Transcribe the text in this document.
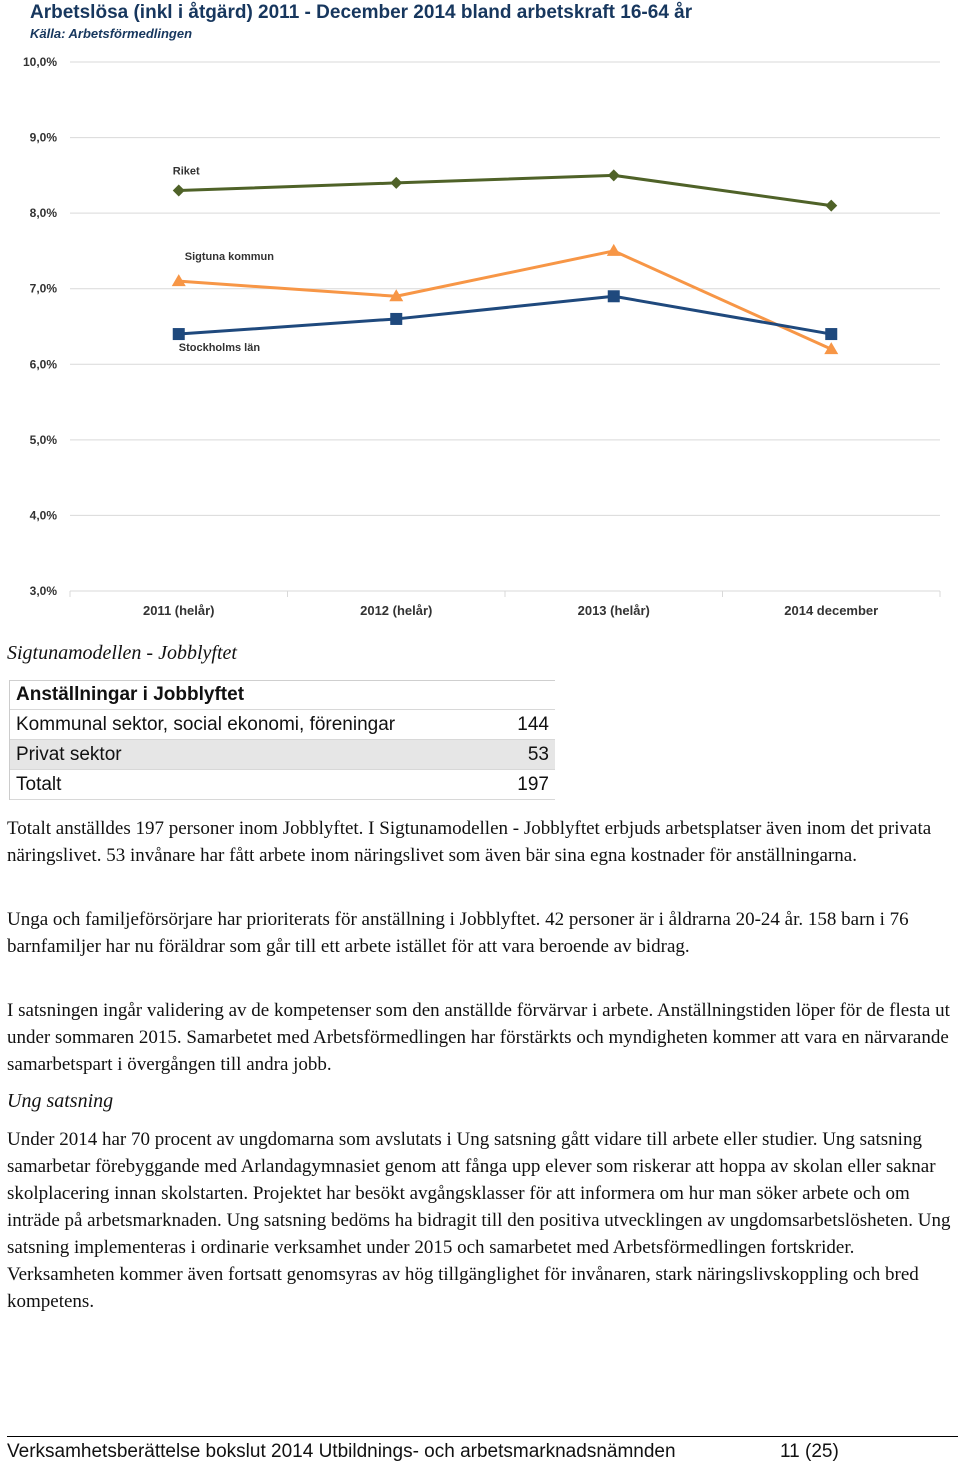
Arbetslösa (inkl i åtgärd) 2011 - December 2014 bland arbetskraft 16-64 år
Källa: Arbetsförmedlingen
3,0%
4,0%
5,0%
6,0%
7,0%
8,0%
9,0%
10,0%
2011 (helår)	2012 (helår)	2013 (helår)	2014 december
Riket
Sigtuna kommun
Stockholms län
Sigtunamodellen - Jobblyftet
Anställningar i Jobblyftet
Kommunal sektor, social ekonomi, föreningar	144
Privat sektor	53
Totalt	197

Totalt anställdes 197 personer inom Jobblyftet. I Sigtunamodellen - Jobblyftet erbjuds arbetsplatser även inom det privata näringslivet. 53 invånare har fått arbete inom näringslivet som även bär sina egna kostnader för anställningarna.

Unga och familjeförsörjare har prioriterats för anställning i Jobblyftet. 42 personer är i åldrarna 20-24 år. 158 barn i 76 barnfamiljer har nu föräldrar som går till ett arbete istället för att vara beroende av bidrag.

I satsningen ingår validering av de kompetenser som den anställde förvärvar i arbete. Anställningstiden löper för de flesta ut under sommaren 2015. Samarbetet med Arbetsförmedlingen har förstärkts och myndigheten kommer att vara en närvarande samarbetspart i övergången till andra jobb.

Ung satsning

Under 2014 har 70 procent av ungdomarna som avslutats i Ung satsning gått vidare till arbete eller studier. Ung satsning samarbetar förebyggande med Arlandagymnasiet genom att fånga upp elever som riskerar att hoppa av skolan eller saknar skolplacering innan skolstarten. Projektet har besökt avgångsklasser för att informera om hur man söker arbete och om inträde på arbetsmarknaden. Ung satsning bedöms ha bidragit till den positiva utvecklingen av ungdomsarbetslösheten. Ung satsning implementeras i ordinarie verksamhet under 2015 och samarbetet med Arbetsförmedlingen fortskrider. Verksamheten kommer även fortsatt genomsyras av hög tillgänglighet för invånaren, stark näringslivskoppling och bred kompetens.

Verksamhetsberättelse bokslut 2014 Utbildnings- och arbetsmarknadsnämnden	11 (25)
